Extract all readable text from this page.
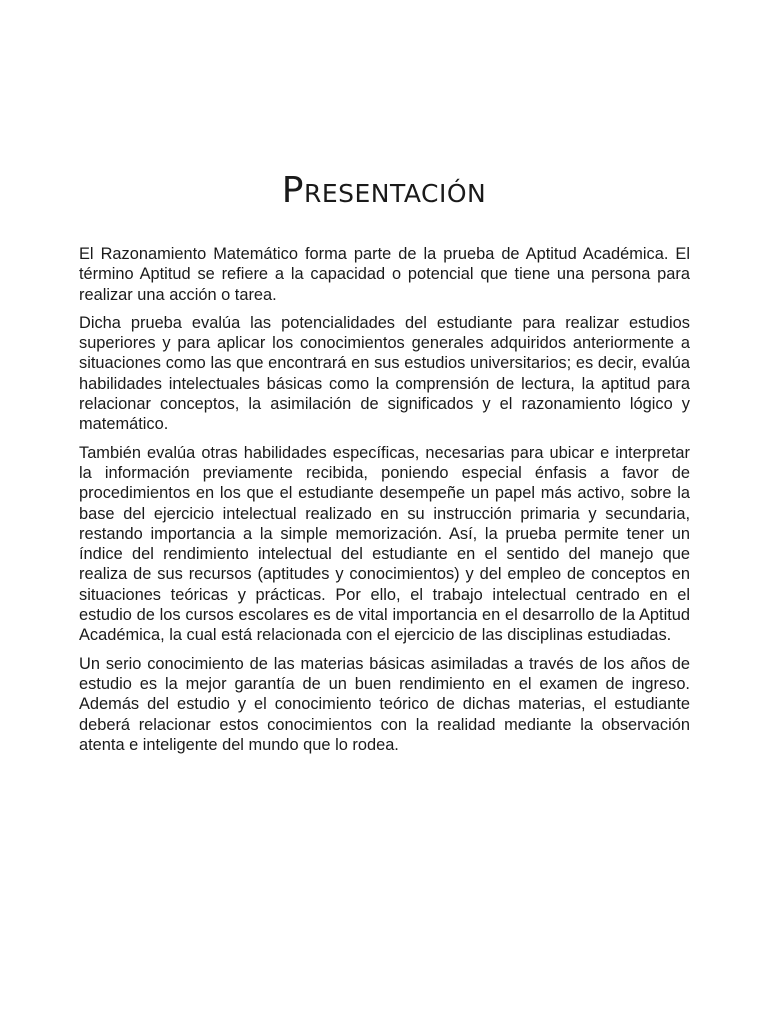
Presentación

El Razonamiento Matemático forma parte de la prueba de Aptitud Académica. El término Aptitud se refiere a la capacidad o potencial que tiene una persona para realizar una acción o tarea.

Dicha prueba evalúa las potencialidades del estudiante para realizar estudios superiores y para aplicar los conocimientos generales adquiridos anteriormente a situaciones como las que encontrará en sus estudios universitarios; es decir, evalúa habilidades intelectuales básicas como la comprensión de lectura, la aptitud para relacionar conceptos, la asimilación de significados y el razonamiento lógico y matemático.

También evalúa otras habilidades específicas, necesarias para ubicar e interpretar la información previamente recibida, poniendo especial énfasis a favor de procedimientos en los que el estudiante desempeñe un papel más activo, sobre la base del ejercicio intelectual realizado en su instrucción primaria y secundaria, restando importancia a la simple memorización. Así, la prueba permite tener un índice del rendimiento intelectual del estudiante en el sentido del manejo que realiza de sus recursos (aptitudes y conocimientos) y del empleo de conceptos en situaciones teóricas y prácticas. Por ello, el trabajo intelectual centrado en el estudio de los cursos escolares es de vital importancia en el desarrollo de la Aptitud Académica, la cual está relacionada con el ejercicio de las disciplinas estudiadas.

Un serio conocimiento de las materias básicas asimiladas a través de los años de estudio es la mejor garantía de un buen rendimiento en el examen de ingreso. Además del estudio y el conocimiento teórico de dichas materias, el estudiante deberá relacionar estos conocimientos con la realidad mediante la observación atenta e inteligente del mundo que lo rodea.
